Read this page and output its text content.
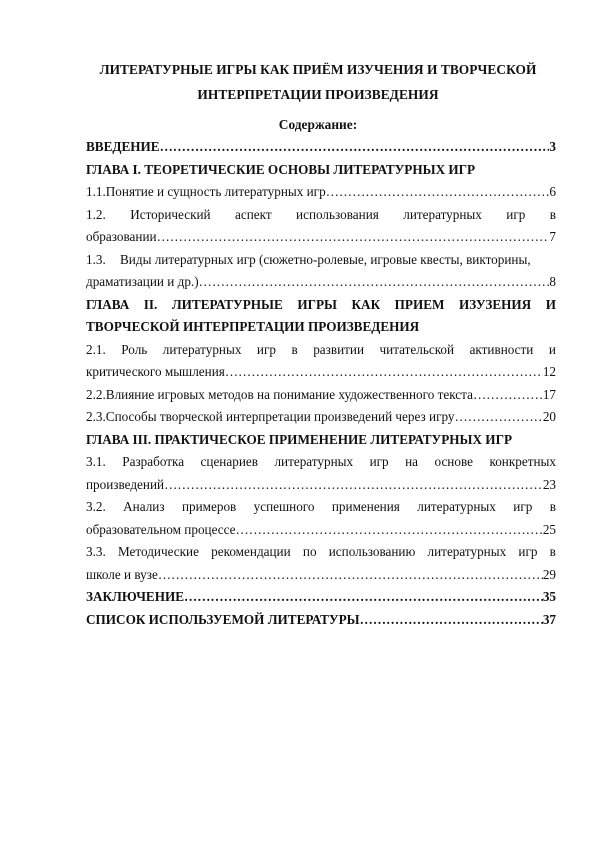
ЛИТЕРАТУРНЫЕ ИГРЫ КАК ПРИЁМ ИЗУЧЕНИЯ И ТВОРЧЕСКОЙ
ИНТЕРПРЕТАЦИИ ПРОИЗВЕДЕНИЯ
Содержание:
ВВЕДЕНИЕ …………………………………………………………………………………………………………………………………………………………………………………………………………	3
ГЛАВА I. ТЕОРЕТИЧЕСКИЕ ОСНОВЫ ЛИТЕРАТУРНЫХ ИГР
1.1. Понятие и сущность литературных игр …………………………………………………………………………………………………………………………………………………………………………………………………………	6
1.2. Исторический аспект использования литературных игр в
образовании …………………………………………………………………………………………………………………………………………………………………………………………………………	7
1.3. Виды литературных игр (сюжетно-ролевые, игровые квесты, викторины,
драматизации и др.) …………………………………………………………………………………………………………………………………………………………………………………………………………	8
ГЛАВА II. ЛИТЕРАТУРНЫЕ ИГРЫ КАК ПРИЕМ ИЗУЗЕНИЯ И
ТВОРЧЕСКОЙ ИНТЕРПРЕТАЦИИ ПРОИЗВЕДЕНИЯ
2.1. Роль литературных игр в развитии читательской активности и
критического мышления …………………………………………………………………………………………………………………………………………………………………………………………………………	12
2.2. Влияние игровых методов на понимание художественного текста …………………………………………………………………………………………………………………………………………………………………………………………………………	17
2.3. Способы творческой интерпретации произведений через игру …………………………………………………………………………………………………………………………………………………………………………………………………………	20
ГЛАВА III. ПРАКТИЧЕСКОЕ ПРИМЕНЕНИЕ ЛИТЕРАТУРНЫХ ИГР
3.1. Разработка сценариев литературных игр на основе конкретных
произведений …………………………………………………………………………………………………………………………………………………………………………………………………………	23
3.2. Анализ примеров успешного применения литературных игр в
образовательном процессе …………………………………………………………………………………………………………………………………………………………………………………………………………	25
3.3. Методические рекомендации по использованию литературных игр в
школе и вузе …………………………………………………………………………………………………………………………………………………………………………………………………………	29
ЗАКЛЮЧЕНИЕ …………………………………………………………………………………………………………………………………………………………………………………………………………	35
СПИСОК ИСПОЛЬЗУЕМОЙ ЛИТЕРАТУРЫ …………………………………………………………………………………………………………………………………………………………………………………………………………	37
